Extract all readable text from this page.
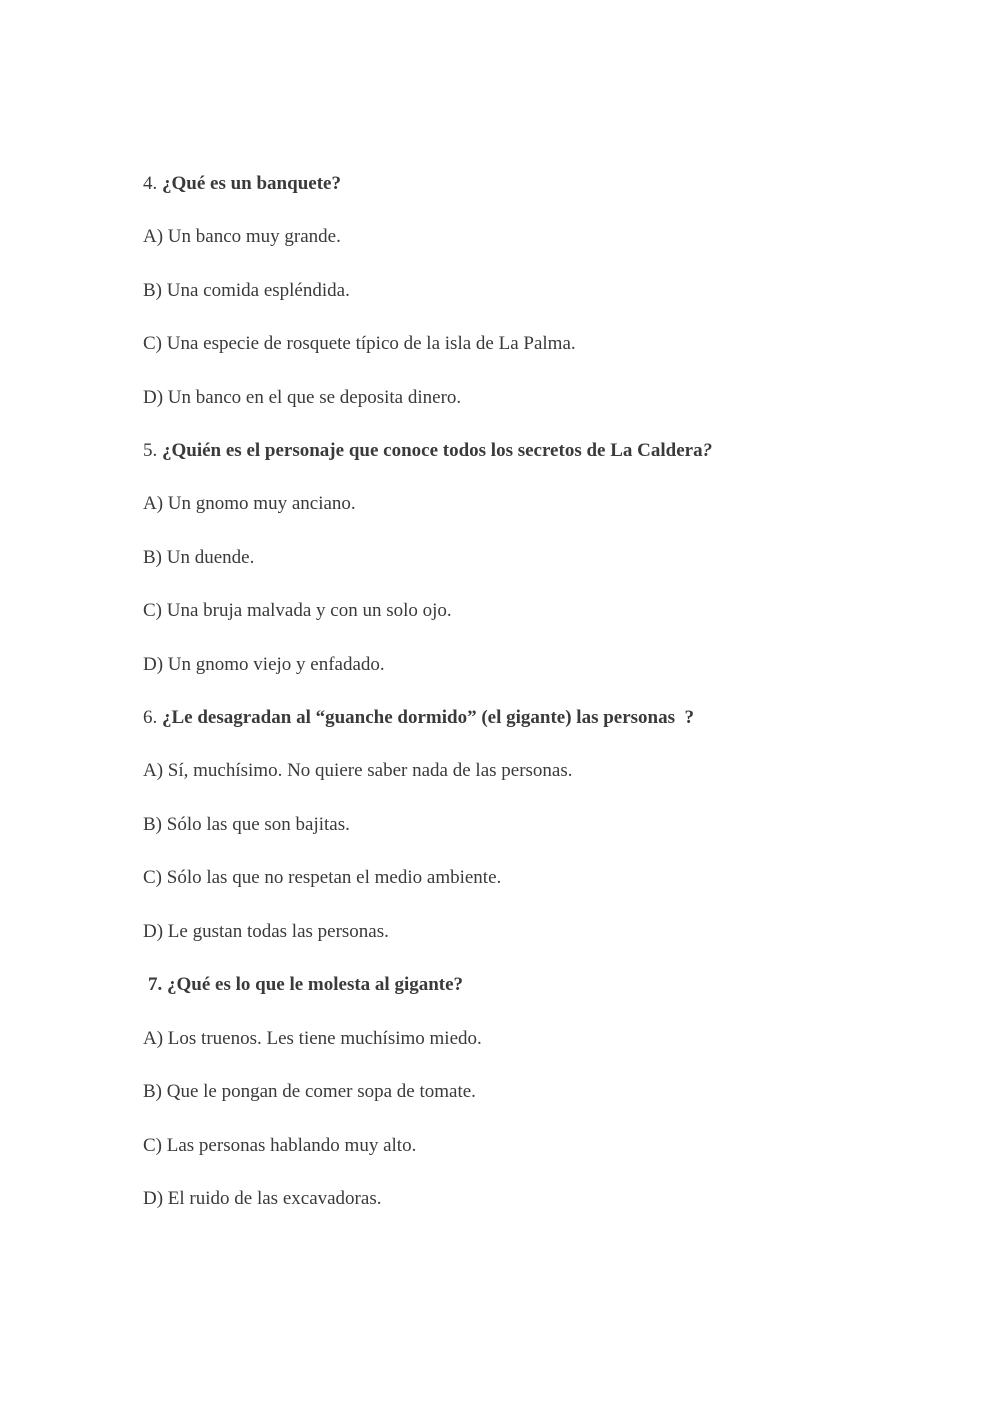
4. ¿Qué es un banquete?
A) Un banco muy grande.
B) Una comida espléndida.
C) Una especie de rosquete típico de la isla de La Palma.
D) Un banco en el que se deposita dinero.
5. ¿Quién es el personaje que conoce todos los secretos de La Caldera?
A) Un gnomo muy anciano.
B) Un duende.
C) Una bruja malvada y con un solo ojo.
D) Un gnomo viejo y enfadado.
6. ¿Le desagradan al “guanche dormido” (el gigante) las personas  ?
A) Sí, muchísimo. No quiere saber nada de las personas.
B) Sólo las que son bajitas.
C) Sólo las que no respetan el medio ambiente.
D) Le gustan todas las personas.
7. ¿Qué es lo que le molesta al gigante?
A) Los truenos. Les tiene muchísimo miedo.
B) Que le pongan de comer sopa de tomate.
C) Las personas hablando muy alto.
D) El ruido de las excavadoras.
